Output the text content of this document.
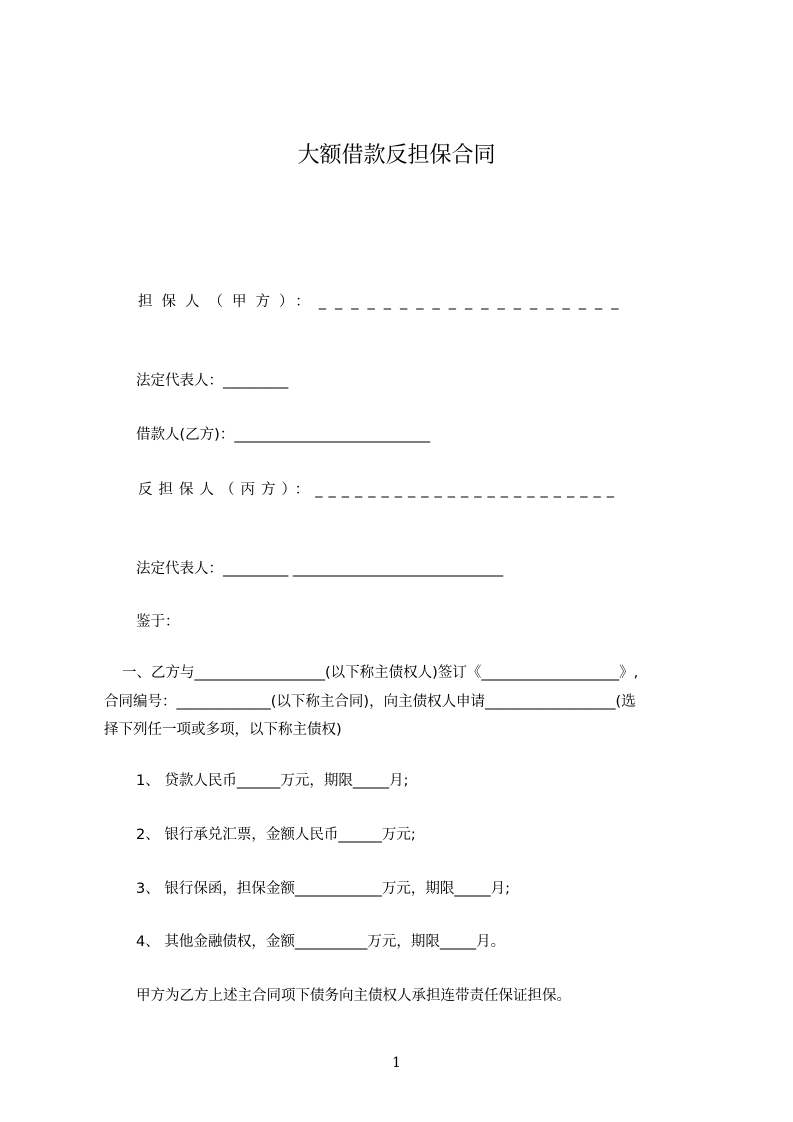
大额借款反担保合同
担保人（甲方）：___________________
法定代表人：_________
借款人(乙方)：___________________________
反担保人（丙方）：_______________________
法定代表人：_________ _____________________________
鉴于：
一、乙方与__________________(以下称主债权人)签订《___________________》,
合同编号：_____________(以下称主合同)，向主债权人申请__________________(选
择下列任一项或多项，以下称主债权)
1、 贷款人民币______万元，期限_____月;
2、 银行承兑汇票，金额人民币______万元;
3、 银行保函，担保金额____________万元，期限_____月;
4、 其他金融债权，金额__________万元，期限_____月。
甲方为乙方上述主合同项下债务向主债权人承担连带责任保证担保。
1
